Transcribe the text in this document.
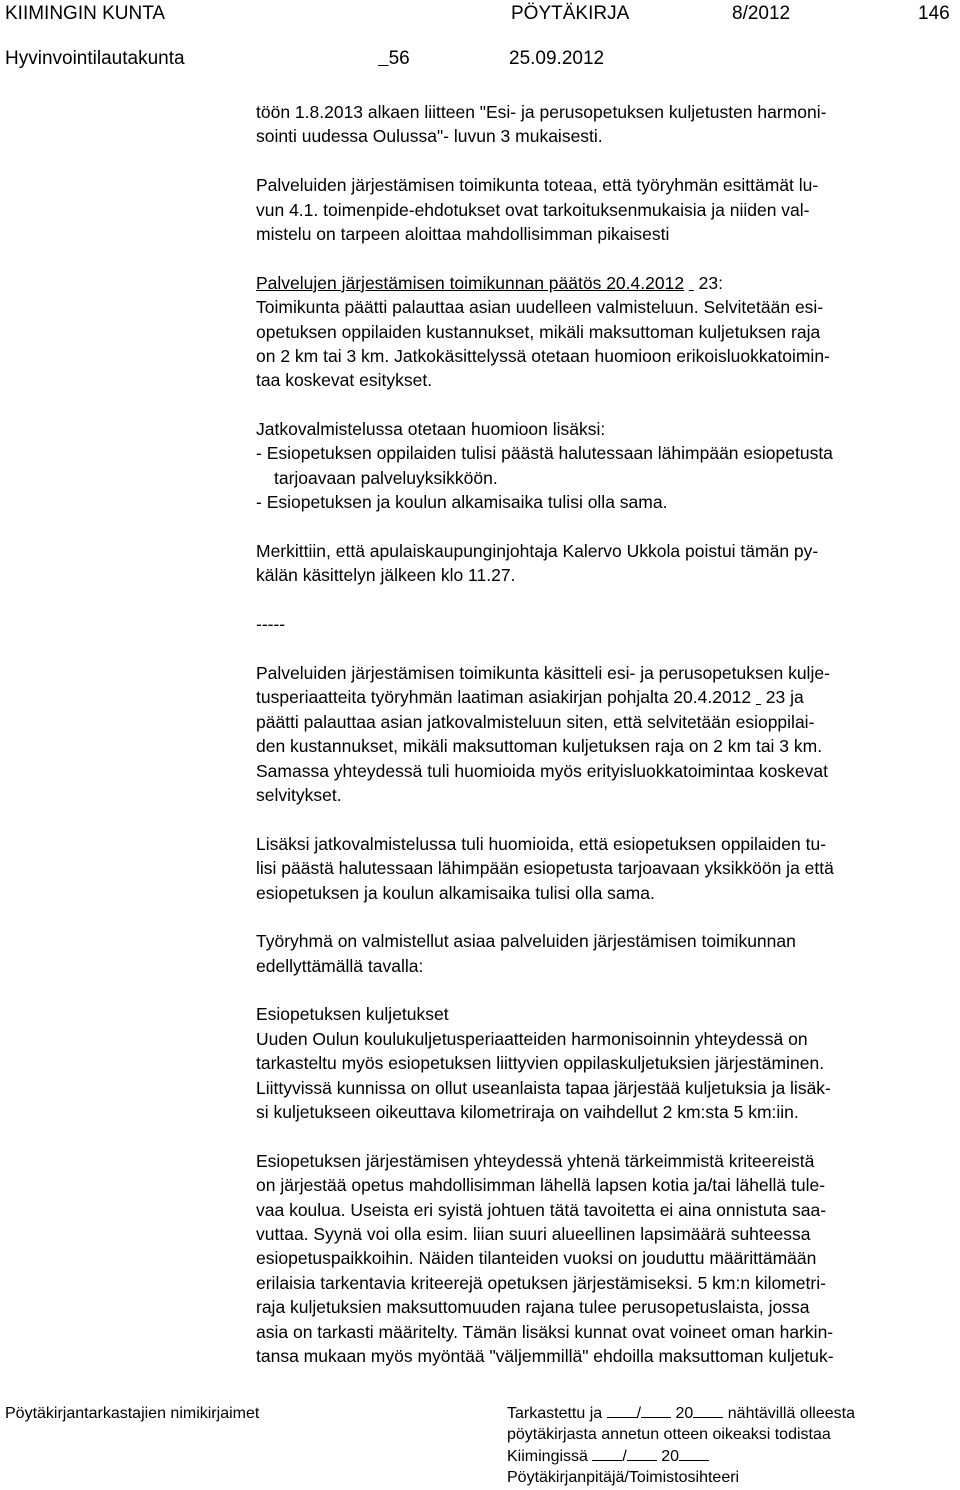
KIIMINGIN KUNTA	PÖYTÄKIRJA	8/2012	146
Hyvinvointilautakunta	56	25.09.2012
töön 1.8.2013 alkaen liitteen "Esi- ja perusopetuksen kuljetusten harmoni-
sointi uudessa Oulussa"- luvun 3 mukaisesti.
Palveluiden järjestämisen toimikunta toteaa, että työryhmän esittämät lu-
vun 4.1. toimenpide-ehdotukset ovat tarkoituksenmukaisia ja niiden val-
mistelu on tarpeen aloittaa mahdollisimman pikaisesti
Palvelujen järjestämisen toimikunnan päätös 20.4.2012   23:
Toimikunta päätti palauttaa asian uudelleen valmisteluun. Selvitetään esi-
opetuksen oppilaiden kustannukset, mikäli maksuttoman kuljetuksen raja
on 2 km tai 3 km. Jatkokäsittelyssä otetaan huomioon erikoisluokkatoimin-
taa koskevat esitykset.
Jatkovalmistelussa otetaan huomioon lisäksi:
- Esiopetuksen oppilaiden tulisi päästä halutessaan lähimpään esiopetusta
tarjoavaan palveluyksikköön.
- Esiopetuksen ja koulun alkamisaika tulisi olla sama.
Merkittiin, että apulaiskaupunginjohtaja Kalervo Ukkola poistui tämän py-
kälän käsittelyn jälkeen klo 11.27.
-----
Palveluiden järjestämisen toimikunta käsitteli esi- ja perusopetuksen kulje-
tusperiaatteita työryhmän laatiman asiakirjan pohjalta 20.4.2012   23 ja
päätti palauttaa asian jatkovalmisteluun siten, että selvitetään esioppilai-
den kustannukset, mikäli maksuttoman kuljetuksen raja on 2 km tai 3 km.
Samassa yhteydessä tuli huomioida myös erityisluokkatoimintaa koskevat
selvitykset.
Lisäksi jatkovalmistelussa tuli huomioida, että esiopetuksen oppilaiden tu-
lisi päästä halutessaan lähimpään esiopetusta tarjoavaan yksikköön ja että
esiopetuksen ja koulun alkamisaika tulisi olla sama.
Työryhmä on valmistellut asiaa palveluiden järjestämisen toimikunnan
edellyttämällä tavalla:
Esiopetuksen kuljetukset
Uuden Oulun koulukuljetusperiaatteiden harmonisoinnin yhteydessä on
tarkasteltu myös esiopetuksen liittyvien oppilaskuljetuksien järjestäminen.
Liittyvissä kunnissa on ollut useanlaista tapaa järjestää kuljetuksia ja lisäk-
si kuljetukseen oikeuttava kilometriraja on vaihdellut 2 km:sta 5 km:iin.
Esiopetuksen järjestämisen yhteydessä yhtenä tärkeimmistä kriteereistä
on järjestää opetus mahdollisimman lähellä lapsen kotia ja/tai lähellä tule-
vaa koulua. Useista eri syistä johtuen tätä tavoitetta ei aina onnistuta saa-
vuttaa. Syynä voi olla esim. liian suuri alueellinen lapsimäärä suhteessa
esiopetuspaikkoihin. Näiden tilanteiden vuoksi on jouduttu määrittämään
erilaisia tarkentavia kriteerejä opetuksen järjestämiseksi. 5 km:n kilometri-
raja kuljetuksien maksuttomuuden rajana tulee perusopetuslaista, jossa
asia on tarkasti määritelty. Tämän lisäksi kunnat ovat voineet oman harkin-
tansa mukaan myös myöntää "väljemmillä" ehdoilla maksuttoman kuljetuk-
Pöytäkirjantarkastajien nimikirjaimet	Tarkastettu ja / 20 nähtävillä olleesta
pöytäkirjasta annetun otteen oikeaksi todistaa
Kiimingissä / 20
Pöytäkirjanpitäjä/Toimistosihteeri
